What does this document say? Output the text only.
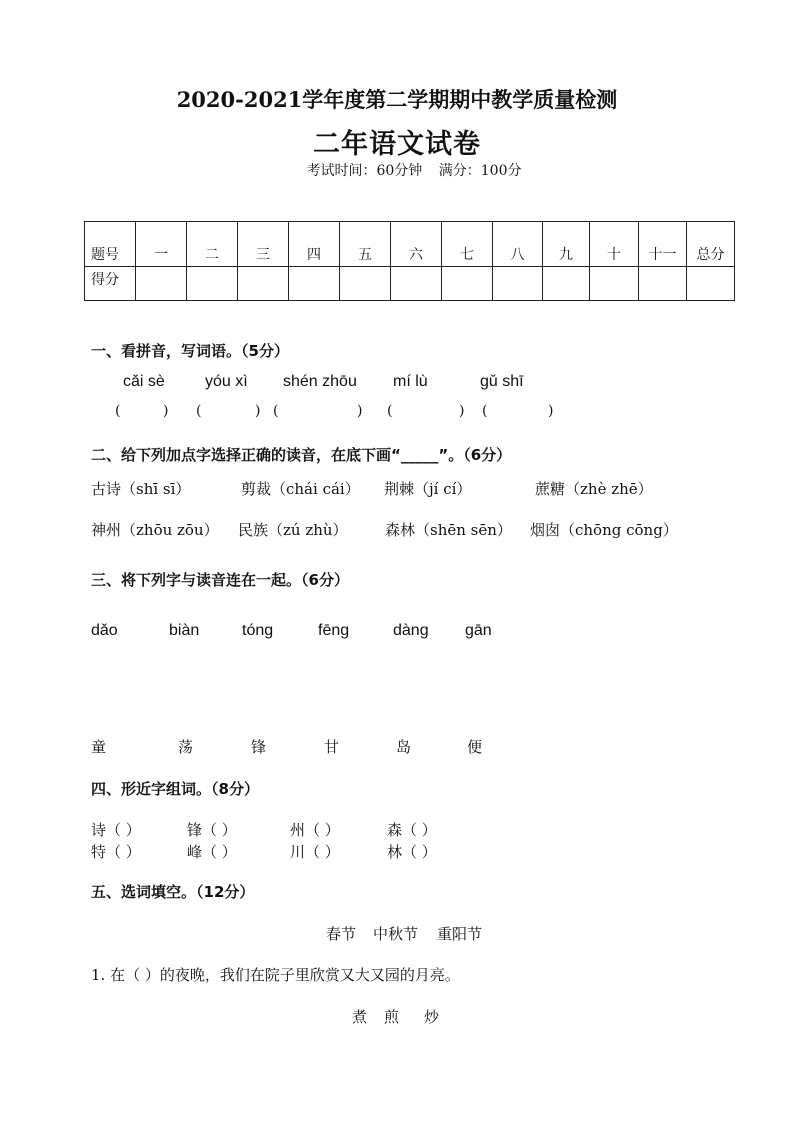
2020-2021学年度第二学期期中教学质量检测
二年语文试卷
考试时间：60分钟 满分：100分
题号	一	二	三	四	五	六	七	八	九	十	十一	总分
得分												
一、看拼音，写词语。（5分）
cǎi sè	yóu xì shén zhōu mí lù	gǔ shī
(	) (	) (	) (	) (	)
二、给下列加点字选择正确的读音，在底下画“_____”。（6分）
古诗（shī sī）	剪裁（chái cái） 荆棘（jí cí）	蔗糖（zhè zhē）
神州（zhōu zōu） 民族（zú zhù） 森林（shēn sēn） 烟囱（chōng cōng）
三、将下列字与读音连在一起。（6分）
dǎo	biàn	tóng	fēng	dàng gān
童	荡	锋	甘	岛	便
四、形近字组词。（8分）
诗（ ）	锋（ ）	州（ ）	森（ ）
特（ ）	峰（ ）	川（ ）	林（ ）
五、选词填空。（12分）
春节 中秋节 重阳节
1. 在（ ）的夜晚，我们在院子里欣赏又大又园的月亮。
煮 煎 炒
